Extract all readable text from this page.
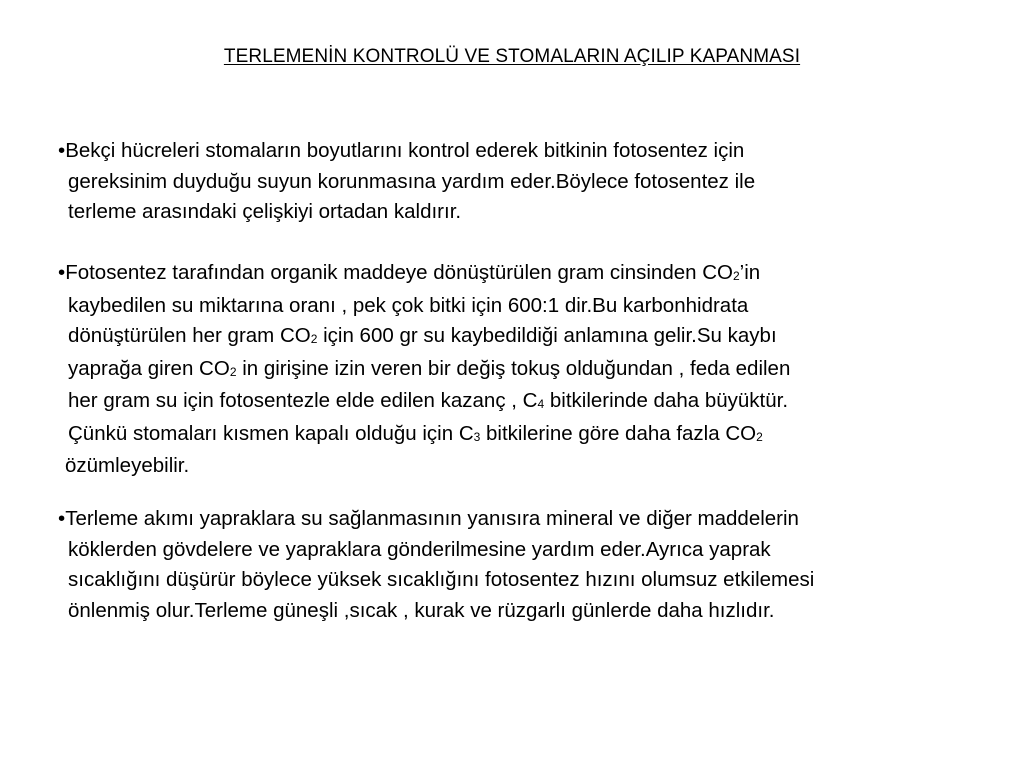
TERLEMENİN KONTROLÜ VE STOMALARIN AÇILIP KAPANMASI
•Bekçi hücreleri stomaların boyutlarını kontrol ederek bitkinin fotosentez için
gereksinim duyduğu suyun korunmasına yardım eder.Böylece fotosentez ile
terleme arasındaki çelişkiyi ortadan kaldırır.
•Fotosentez tarafından organik maddeye dönüştürülen gram cinsinden $CO_2’in$
kaybedilen su miktarına oranı , pek çok bitki için 600:1 dir.Bu karbonhidrata
dönüştürülen her gram $CO_2$ için 600 gr su kaybedildiği anlamına gelir.Su kaybı
yaprağa giren $CO_2$ in girişine izin veren bir değiş tokuş olduğundan , feda edilen
her gram su için fotosentezle elde edilen kazanç , $C_4$ bitkilerinde daha büyüktür.
Çünkü stomaları kısmen kapalı olduğu için $C_3$ bitkilerine göre daha fazla $CO_2$
özümleyebilir.
•Terleme akımı yapraklara su sağlanmasının yanısıra mineral ve diğer maddelerin
köklerden gövdelere ve yapraklara gönderilmesine yardım eder.Ayrıca yaprak
sıcaklığını düşürür böylece yüksek sıcaklığını fotosentez hızını olumsuz etkilemesi
önlenmiş olur.Terleme güneşli ,sıcak , kurak ve rüzgarlı günlerde daha hızlıdır.
